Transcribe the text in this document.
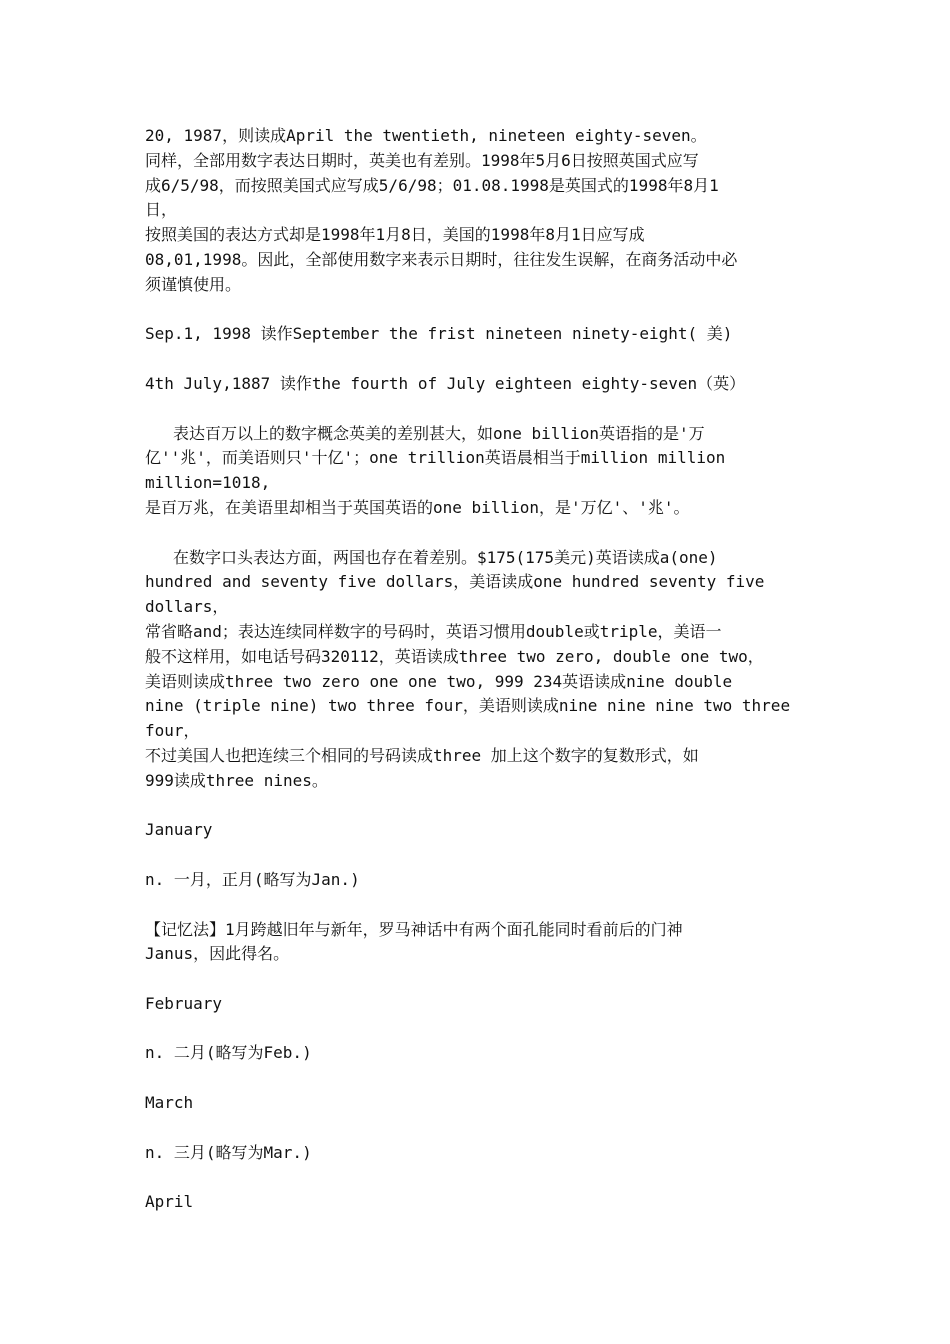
20, 1987，则读成April the twentieth, nineteen eighty-seven。
同样，全部用数字表达日期时，英美也有差别。1998年5月6日按照英国式应写
成6/5/98，而按照美国式应写成5/6/98；01.08.1998是英国式的1998年8月1
日，
按照美国的表达方式却是1998年1月8日，美国的1998年8月1日应写成
08,01,1998。因此，全部使用数字来表示日期时，往往发生误解，在商务活动中必
须谨慎使用。
Sep.1, 1998 读作September the frist nineteen ninety-eight( 美)
4th July,1887 读作the fourth of July eighteen eighty-seven（英）
表达百万以上的数字概念英美的差别甚大，如one billion英语指的是'万
亿''兆'，而美语则只'十亿'；one trillion英语晨相当于million million
million=1018,
是百万兆，在美语里却相当于英国英语的one billion，是'万亿'、'兆'。
在数字口头表达方面，两国也存在着差别。$175(175美元)英语读成a(one)
hundred and seventy five dollars，美语读成one hundred seventy five
dollars，
常省略and；表达连续同样数字的号码时，英语习惯用double或triple，美语一
般不这样用，如电话号码320112，英语读成three two zero, double one two，
美语则读成three two zero one one two, 999 234英语读成nine double
nine (triple nine) two three four，美语则读成nine nine nine two three
four，
不过美国人也把连续三个相同的号码读成three 加上这个数字的复数形式，如
999读成three nines。
January
n. 一月，正月(略写为Jan.)
【记忆法】1月跨越旧年与新年，罗马神话中有两个面孔能同时看前后的门神
Janus，因此得名。
February
n. 二月(略写为Feb.)
March
n. 三月(略写为Mar.)
April
